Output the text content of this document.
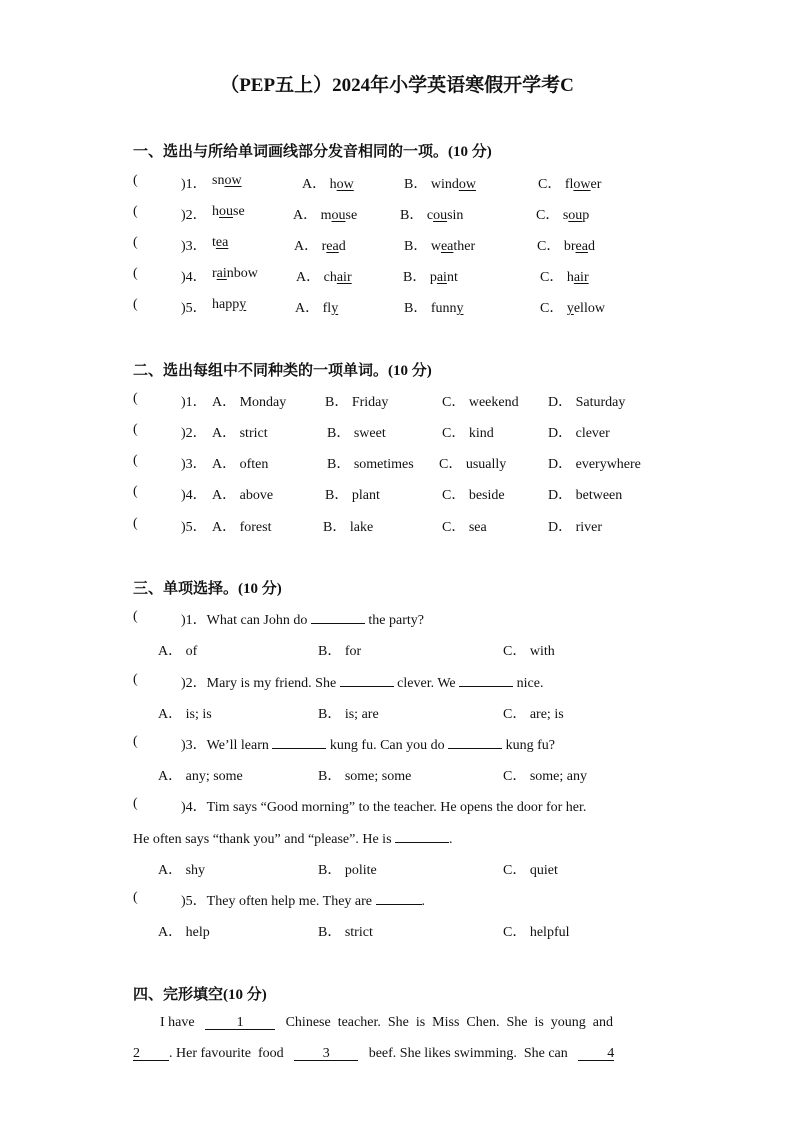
（PEP五上）2024年小学英语寒假开学考C
一、选出与所给单词画线部分发音相同的一项。(10 分)
(	)1． snow	A． how	B． window	C． flower
(	)2． house	A． mouse	B． cousin	C． soup
(	)3． tea	A． read	B． weather	C． bread
(	)4． rainbow	A． chair	B． paint	C． hair
(	)5． happy	A． fly	B． funny	C． yellow
二、选出每组中不同种类的一项单词。(10 分)
(	)1． A． Monday	B． Friday	C． weekend D． Saturday
(	)2． A． strict	B． sweet	C． kind	D． clever
(	)3． A． often	B． sometimes C． usually	D． everywhere
(	)4． A． above	B． plant	C． beside	D． between
(	)5． A． forest	B． lake	C． sea	D． river
三、单项选择。(10 分)
(	)1．What can John do	the party?
A． of	B． for	C． with
(	)2．Mary is my friend. She	clever. We	nice.
A． is; is	B． is; are	C． are; is
(	)3．We’ll learn	kung fu. Can you do	kung fu?
A． any; some	B． some; some	C． some; any
(	)4．Tim says “Good morning” to the teacher. He opens the door for her.
He often says “thank you” and “please”. He is	.
A． shy	B． polite	C． quiet
(	)5．They often help me. They are	.
A． help	B． strict	C． helpful
四、完形填空(10 分)
I have	1	Chinese  teacher.  She  is  Miss  Chen.  She  is  young  and
2 . Her favourite  food	3	beef. She likes swimming.  She can	4
